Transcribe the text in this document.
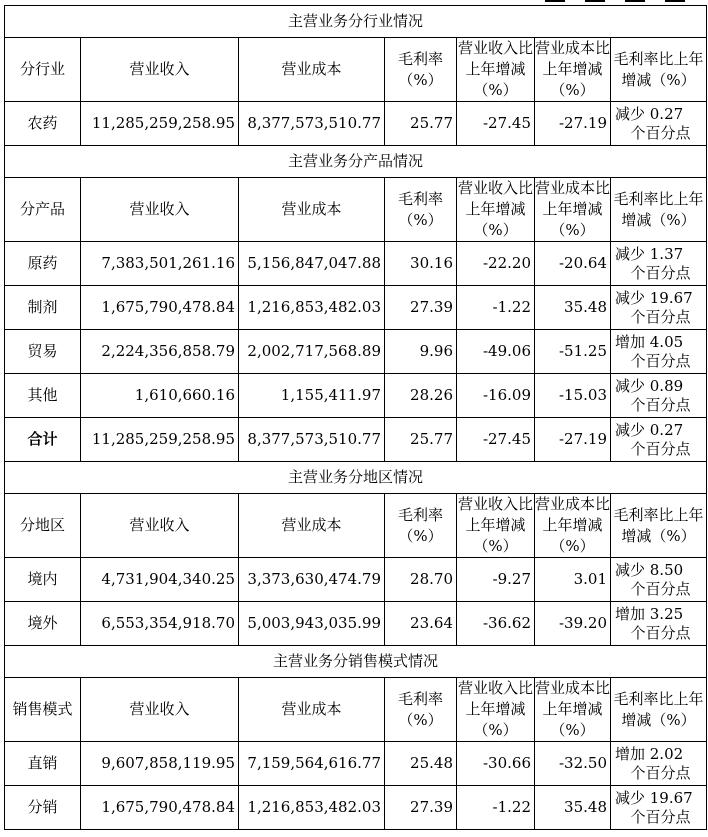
主营业务分行业情况						
分行业	营业收入	营业成本	毛利率（%）	营业收入比上年增减（%）	营业成本比上年增减（%）	毛利率比上年增减（%）
农药	11,285,259,258.95	8,377,573,510.77	25.77	-27.45	-27.19	减少 0.27
个百分点

主营业务分产品情况						
分产品	营业收入	营业成本	毛利率（%）	营业收入比上年增减（%）	营业成本比上年增减（%）	毛利率比上年增减（%）
原药	7,383,501,261.16	5,156,847,047.88	30.16	-22.20	-20.64	减少 1.37
个百分点

制剂	1,675,790,478.84	1,216,853,482.03	27.39	-1.22	35.48	减少 19.67
个百分点

贸易	2,224,356,858.79	2,002,717,568.89	9.96	-49.06	-51.25	增加 4.05
个百分点

其他	1,610,660.16	1,155,411.97	28.26	-16.09	-15.03	减少 0.89
个百分点

合计	11,285,259,258.95	8,377,573,510.77	25.77	-27.45	-27.19	减少 0.27
个百分点

主营业务分地区情况						
分地区	营业收入	营业成本	毛利率（%）	营业收入比上年增减（%）	营业成本比上年增减（%）	毛利率比上年增减（%）
境内	4,731,904,340.25	3,373,630,474.79	28.70	-9.27	3.01	减少 8.50
个百分点

境外	6,553,354,918.70	5,003,943,035.99	23.64	-36.62	-39.20	增加 3.25
个百分点

主营业务分销售模式情况						
销售模式	营业收入	营业成本	毛利率（%）	营业收入比上年增减（%）	营业成本比上年增减（%）	毛利率比上年增减（%）
直销	9,607,858,119.95	7,159,564,616.77	25.48	-30.66	-32.50	增加 2.02
个百分点

分销	1,675,790,478.84	1,216,853,482.03	27.39	-1.22	35.48	减少 19.67
个百分点
